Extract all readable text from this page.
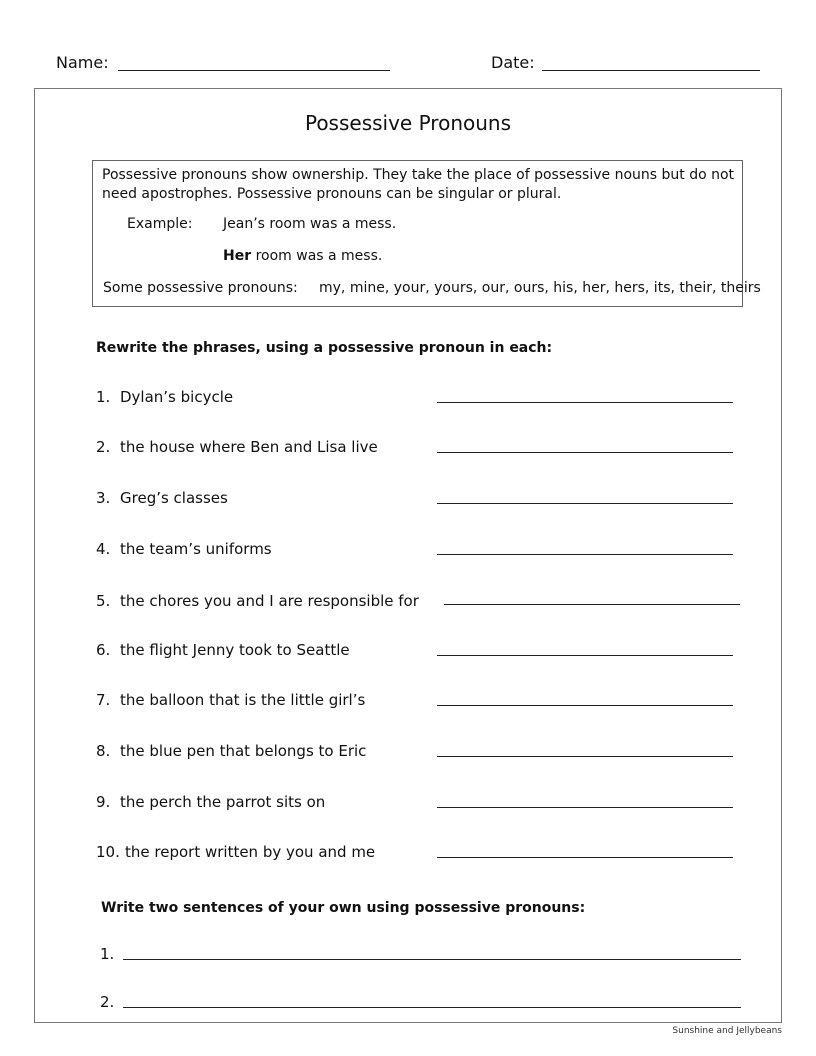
Name:	Date:
Possessive Pronouns
Possessive pronouns show ownership. They take the place of possessive nouns but do not need apostrophes. Possessive pronouns can be singular or plural.
Example: Jean’s room was a mess.
Her room was a mess.
Some possessive pronouns: my, mine, your, yours, our, ours, his, her, hers, its, their, theirs
Rewrite the phrases, using a possessive pronoun in each:
1. Dylan’s bicycle
2. the house where Ben and Lisa live
3. Greg’s classes
4. the team’s uniforms
5. the chores you and I are responsible for
6. the flight Jenny took to Seattle
7. the balloon that is the little girl’s
8. the blue pen that belongs to Eric
9. the perch the parrot sits on
10. the report written by you and me
Write two sentences of your own using possessive pronouns:
1.
2.
Sunshine and Jellybeans
